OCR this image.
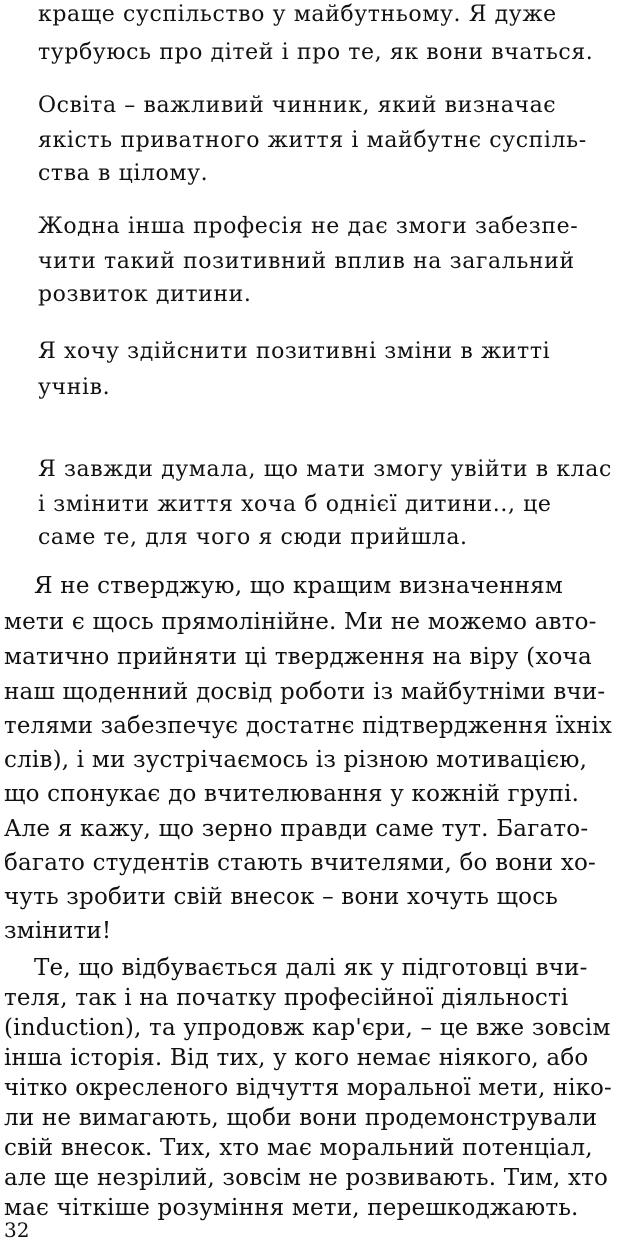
краще суспільство у майбутньому. Я дуже
турбуюсь про дітей і про те, як вони вчаться.
Освіта – важливий чинник, який визначає
якість приватного життя і майбутнє суспіль-
ства в цілому.
Жодна інша професія не дає змоги забезпе-
чити такий позитивний вплив на загальний
розвиток дитини.
Я хочу здійснити позитивні зміни в житті
учнів.
Я завжди думала, що мати змогу увійти в клас
і змінити життя хоча б однієї дитини.., це
саме те, для чого я сюди прийшла.
Я не стверджую, що кращим визначенням
мети є щось прямолінійне. Ми не можемо авто-
матично прийняти ці твердження на віру (хоча
наш щоденний досвід роботи із майбутніми вчи-
телями забезпечує достатнє підтвердження їхніх
слів), і ми зустрічаємось із різною мотивацією,
що спонукає до вчителювання у кожній групі.
Але я кажу, що зерно правди саме тут. Багато-
багато студентів стають вчителями, бо вони хо-
чуть зробити свій внесок – вони хочуть щось
змінити!
Те, що відбувається далі як у підготовці вчи-
теля, так і на початку професійної діяльності
(induction), та упродовж кар'єри, – це вже зовсім
інша історія. Від тих, у кого немає ніякого, або
чітко окресленого відчуття моральної мети, ніко-
ли не вимагають, щоби вони продемонстрували
свій внесок. Тих, хто має моральний потенціал,
але ще незрілий, зовсім не розвивають. Тим, хто
32
має чіткіше розуміння мети, перешкоджають.
